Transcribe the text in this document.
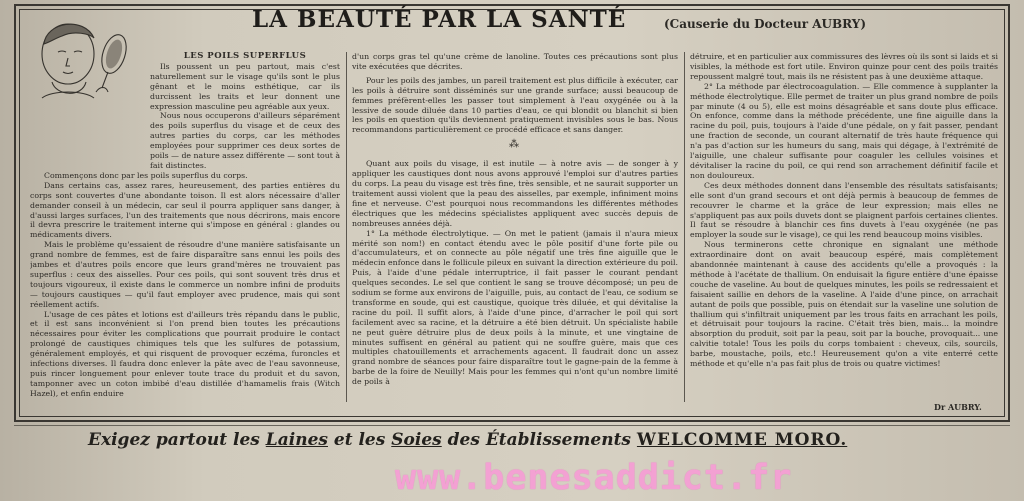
LA BEAUTÉ PAR LA SANTÉ	(Causerie du Docteur AUBRY)

LES POILS SUPERFLUS

Ils poussent un peu partout, mais c'est naturellement sur le visage qu'ils sont le plus gênant et le moins esthétique, car ils durcissent les traits et leur donnent une expression masculine peu agréable aux yeux.

Nous nous occuperons d'ailleurs séparément des poils superflus du visage et de ceux des autres parties du corps, car les méthodes employées pour supprimer ces deux sortes de poils — de nature assez différente — sont tout à fait distinctes.

Commençons donc par les poils superflus du corps.

Dans certains cas, assez rares, heureusement, des parties entières du corps sont couvertes d'une abondante toison. Il est alors nécessaire d'aller demander conseil à un médecin, car seul il pourra appliquer sans danger, à d'aussi larges surfaces, l'un des traitements que nous décrirons, mais encore il devra prescrire le traitement interne qui s'impose en général : glandes ou médicaments divers.

Mais le problème qu'essaient de résoudre d'une manière satisfaisante un grand nombre de femmes, est de faire disparaître sans ennui les poils des jambes et d'autres poils encore que leurs grand'mères ne trouvaient pas superflus : ceux des aisselles. Pour ces poils, qui sont souvent très drus et toujours vigoureux, il existe dans le commerce un nombre infini de produits — toujours caustiques — qu'il faut employer avec prudence, mais qui sont réellement actifs.

L'usage de ces pâtes et lotions est d'ailleurs très répandu dans le public, et il est sans inconvénient si l'on prend bien toutes les précautions nécessaires pour éviter les complications que pourrait produire le contact prolongé de caustiques chimiques tels que les sulfures de potassium, généralement employés, et qui risquent de provoquer eczéma, furoncles et infections diverses. Il faudra donc enlever la pâte avec de l'eau savonneuse, puis rincer longuement pour enlever toute trace du produit et du savon, tamponner avec un coton imbibé d'eau distillée d'hamamelis frais (Witch Hazel), et enfin enduire

d'un corps gras tel qu'une crème de lanoline. Toutes ces précautions sont plus vite exécutées que décrites.

Pour les poils des jambes, un pareil traitement est plus difficile à exécuter, car les poils à détruire sont disséminés sur une grande surface; aussi beaucoup de femmes préfèrent-elles les passer tout simplement à l'eau oxygénée ou à la lessive de soude diluée dans 10 parties d'eau, ce qui blondit ou blanchit si bien les poils en question qu'ils deviennent pratiquement invisibles sous le bas. Nous recommandons particulièrement ce procédé efficace et sans danger.

⁂

Quant aux poils du visage, il est inutile — à notre avis — de songer à y appliquer les caustiques dont nous avons approuvé l'emploi sur d'autres parties du corps. La peau du visage est très fine, très sensible, et ne saurait supporter un traitement aussi violent que la peau des aisselles, par exemple, infiniment moins fine et nerveuse. C'est pourquoi nous recommandons les différentes méthodes électriques que les médecins spécialistes appliquent avec succès depuis de nombreuses années déjà.

1° La méthode électrolytique. — On met le patient (jamais il n'aura mieux mérité son nom!) en contact étendu avec le pôle positif d'une forte pile ou d'accumulateurs, et on connecte au pôle négatif une très fine aiguille que le médecin enfonce dans le follicule pileux en suivant la direction extérieure du poil. Puis, à l'aide d'une pédale interruptrice, il fait passer le courant pendant quelques secondes. Le sel que contient le sang se trouve décomposé; un peu de sodium se forme aux environs de l'aiguille, puis, au contact de l'eau, ce sodium se transforme en soude, qui est caustique, quoique très diluée, et qui dévitalise la racine du poil. Il suffit alors, à l'aide d'une pince, d'arracher le poil qui sort facilement avec sa racine, et la détruire a été bien détruit. Un spécialiste habile ne peut guère détruire plus de deux poils à la minute, et une vingtaine de minutes suffisent en général au patient qui ne souffre guère, mais que ces multiples chatouillements et arrachements agacent. Il faudrait donc un assez grand nombre de séances pour faire disparaître tout le gagne-pain de la femme à barbe de la foire de Neuilly! Mais pour les femmes qui n'ont qu'un nombre limité de poils à

détruire, et en particulier aux commissures des lèvres où ils sont si laids et si visibles, la méthode est fort utile. Environ quinze pour cent des poils traités repoussent malgré tout, mais ils ne résistent pas à une deuxième attaque.

2° La méthode par électrocoagulation. — Elle commence à supplanter la méthode électrolytique. Elle permet de traiter un plus grand nombre de poils par minute (4 ou 5), elle est moins désagréable et sans doute plus efficace. On enfonce, comme dans la méthode précédente, une fine aiguille dans la racine du poil, puis, toujours à l'aide d'une pédale, on y fait passer, pendant une fraction de seconde, un courant alternatif de très haute fréquence qui n'a pas d'action sur les humeurs du sang, mais qui dégage, à l'extrémité de l'aiguille, une chaleur suffisante pour coaguler les cellules voisines et dévitaliser la racine du poil, ce qui rend son arrachement définitif facile et non douloureux.

Ces deux méthodes donnent dans l'ensemble des résultats satisfaisants; elle sont d'un grand secours et ont déjà permis à beaucoup de femmes de recouvrer le charme et la grâce de leur expression; mais elles ne s'appliquent pas aux poils duvets dont se plaignent parfois certaines clientes. Il faut se résoudre à blanchir ces fins duvets à l'eau oxygénée (ne pas employer la soude sur le visage), ce qui les rend beaucoup moins visibles.

Nous terminerons cette chronique en signalant une méthode extraordinaire dont on avait beaucoup espéré, mais complètement abandonnée maintenant à cause des accidents qu'elle a provoqués : la méthode à l'acétate de thallium. On enduisait la figure entière d'une épaisse couche de vaseline. Au bout de quelques minutes, les poils se redressaient et faisaient saillie en dehors de la vaseline. A l'aide d'une pince, on arrachait autant de poils que possible, puis on étendait sur la vaseline une solution de thallium qui s'infiltrait uniquement par les trous faits en arrachant les poils, et détruisait pour toujours la racine. C'était très bien, mais... la moindre absorption du produit, soit par la peau, soit par la bouche, provoquait... une calvitie totale! Tous les poils du corps tombaient : cheveux, cils, sourcils, barbe, moustache, poils, etc.! Heureusement qu'on a vite enterré cette méthode et qu'elle n'a pas fait plus de trois ou quatre victimes!

Dr AUBRY.
Exigez partout les Laines et les Soies des Établissements WELCOMME MORO.
www.benesaddict.fr
